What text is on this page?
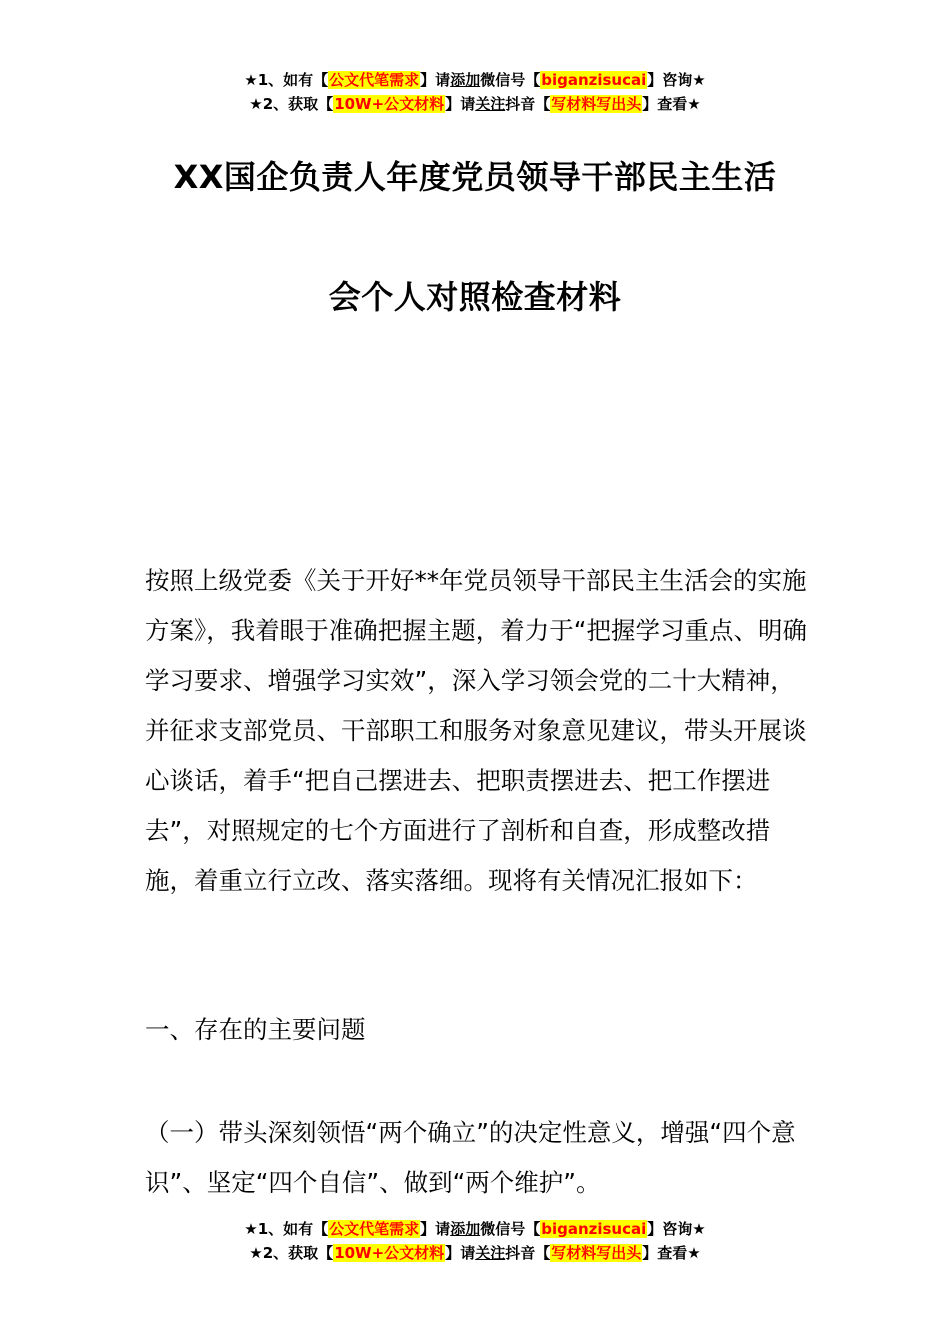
★1、如有【公文代笔需求】请添加微信号【biganzisucai】咨询★
★2、获取【10W+公文材料】请关注抖音【写材料写出头】查看★
XX国企负责人年度党员领导干部民主生活
会个人对照检查材料

按照上级党委《关于开好**年党员领导干部民主生活会的实施方案》，我着眼于准确把握主题，着力于“把握学习重点、明确学习要求、增强学习实效”，深入学习领会党的二十大精神，并征求支部党员、干部职工和服务对象意见建议，带头开展谈心谈话，着手“把自己摆进去、把职责摆进去、把工作摆进去”，对照规定的七个方面进行了剖析和自查，形成整改措施，着重立行立改、落实落细。现将有关情况汇报如下：

一、存在的主要问题

（一）带头深刻领悟“两个确立”的决定性意义，增强“四个意识”、坚定“四个自信”、做到“两个维护”。

★1、如有【公文代笔需求】请添加微信号【biganzisucai】咨询★
★2、获取【10W+公文材料】请关注抖音【写材料写出头】查看★
